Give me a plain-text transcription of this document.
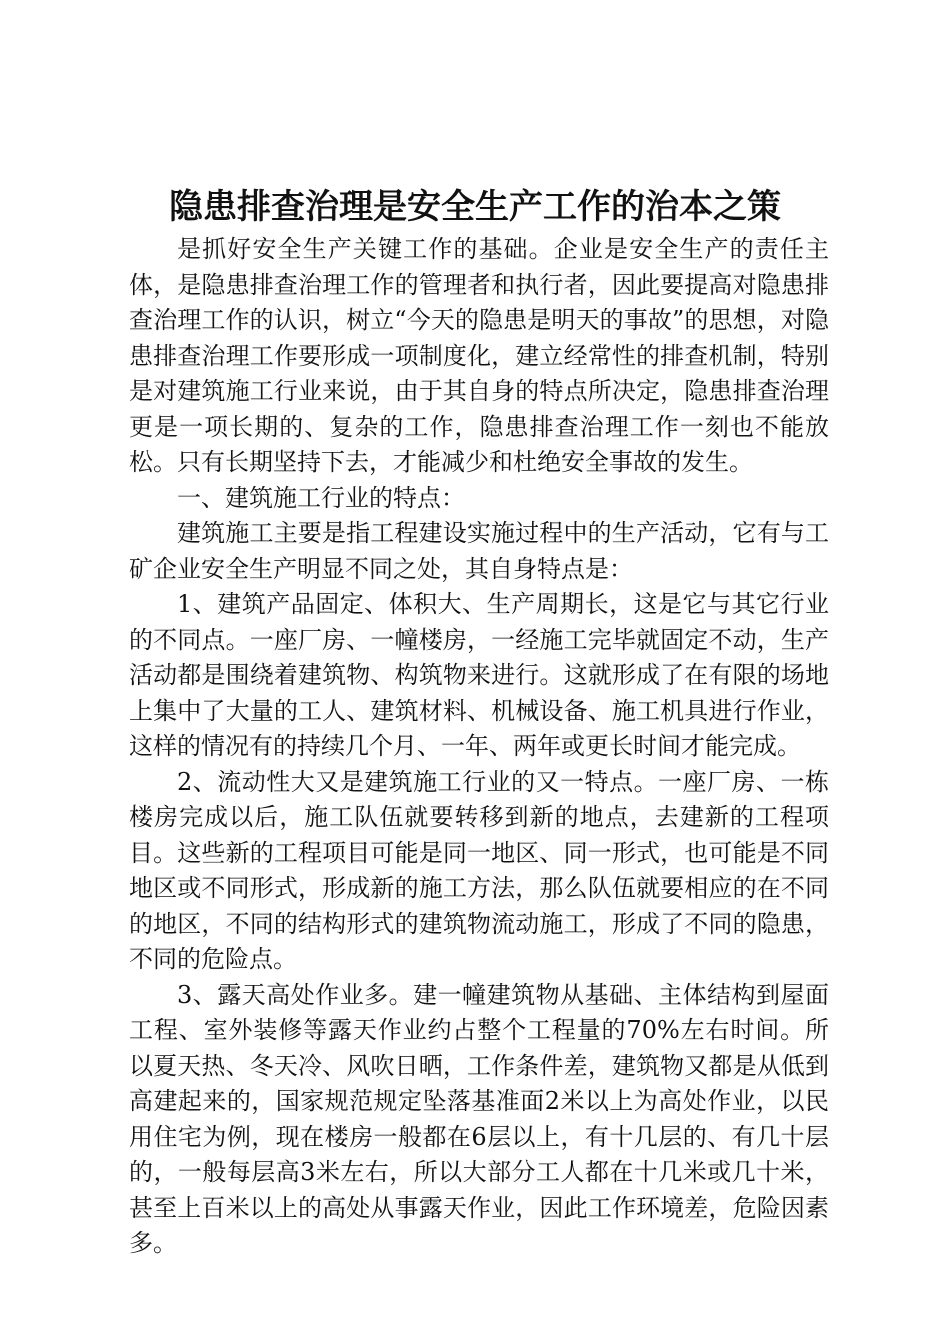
隐患排查治理是安全生产工作的治本之策

是抓好安全生产关键工作的基础。企业是安全生产的责任主体，是隐患排查治理工作的管理者和执行者，因此要提高对隐患排查治理工作的认识，树立“今天的隐患是明天的事故”的思想，对隐患排查治理工作要形成一项制度化，建立经常性的排查机制，特别是对建筑施工行业来说，由于其自身的特点所决定，隐患排查治理更是一项长期的、复杂的工作，隐患排查治理工作一刻也不能放松。只有长期坚持下去，才能减少和杜绝安全事故的发生。

一、建筑施工行业的特点：

建筑施工主要是指工程建设实施过程中的生产活动，它有与工矿企业安全生产明显不同之处，其自身特点是：

1、建筑产品固定、体积大、生产周期长，这是它与其它行业的不同点。一座厂房、一幢楼房，一经施工完毕就固定不动，生产活动都是围绕着建筑物、构筑物来进行。这就形成了在有限的场地上集中了大量的工人、建筑材料、机械设备、施工机具进行作业，这样的情况有的持续几个月、一年、两年或更长时间才能完成。

2、流动性大又是建筑施工行业的又一特点。一座厂房、一栋楼房完成以后，施工队伍就要转移到新的地点，去建新的工程项目。这些新的工程项目可能是同一地区、同一形式，也可能是不同地区或不同形式，形成新的施工方法，那么队伍就要相应的在不同的地区，不同的结构形式的建筑物流动施工，形成了不同的隐患，不同的危险点。

3、露天高处作业多。建一幢建筑物从基础、主体结构到屋面工程、室外装修等露天作业约占整个工程量的70%左右时间。所以夏天热、冬天冷、风吹日晒，工作条件差，建筑物又都是从低到高建起来的，国家规范规定坠落基准面2米以上为高处作业，以民用住宅为例，现在楼房一般都在6层以上，有十几层的、有几十层的，一般每层高3米左右，所以大部分工人都在十几米或几十米，甚至上百米以上的高处从事露天作业，因此工作环境差，危险因素多。
